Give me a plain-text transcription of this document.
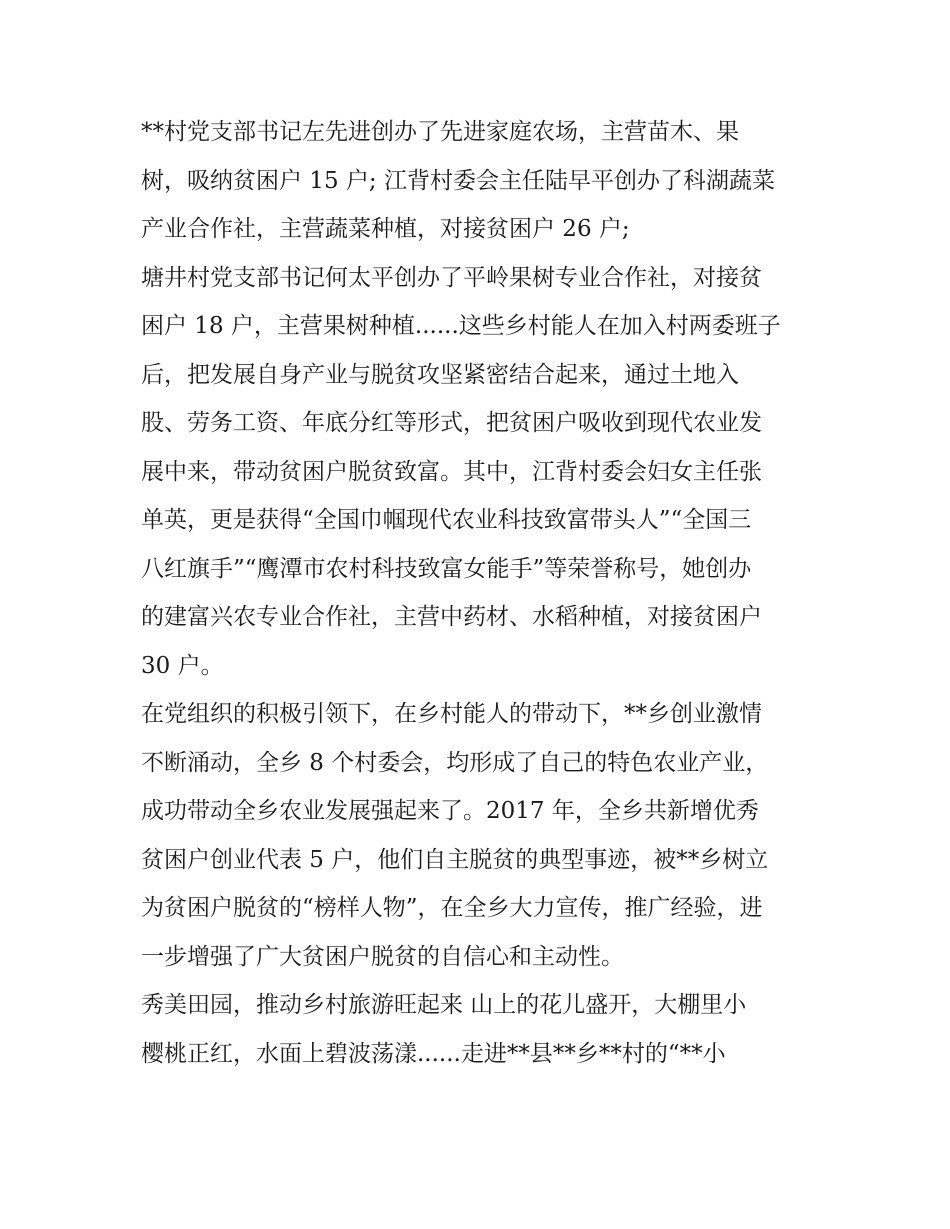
**村党支部书记左先进创办了先进家庭农场，主营苗木、果
树，吸纳贫困户 15 户; 江背村委会主任陆早平创办了科湖蔬菜
产业合作社，主营蔬菜种植，对接贫困户 26 户;
塘井村党支部书记何太平创办了平岭果树专业合作社，对接贫
困户 18 户，主营果树种植......这些乡村能人在加入村两委班子
后，把发展自身产业与脱贫攻坚紧密结合起来，通过土地入
股、劳务工资、年底分红等形式，把贫困户吸收到现代农业发
展中来，带动贫困户脱贫致富。其中，江背村委会妇女主任张
单英，更是获得“全国巾帼现代农业科技致富带头人”“全国三
八红旗手”“鹰潭市农村科技致富女能手”等荣誉称号，她创办
的建富兴农专业合作社，主营中药材、水稻种植，对接贫困户
30 户。
在党组织的积极引领下，在乡村能人的带动下，**乡创业激情
不断涌动，全乡 8 个村委会，均形成了自己的特色农业产业，
成功带动全乡农业发展强起来了。2017 年，全乡共新增优秀
贫困户创业代表 5 户，他们自主脱贫的典型事迹，被**乡树立
为贫困户脱贫的“榜样人物”，在全乡大力宣传，推广经验，进
一步增强了广大贫困户脱贫的自信心和主动性。
秀美田园，推动乡村旅游旺起来 山上的花儿盛开，大棚里小
樱桃正红，水面上碧波荡漾......走进**县**乡**村的“**小
